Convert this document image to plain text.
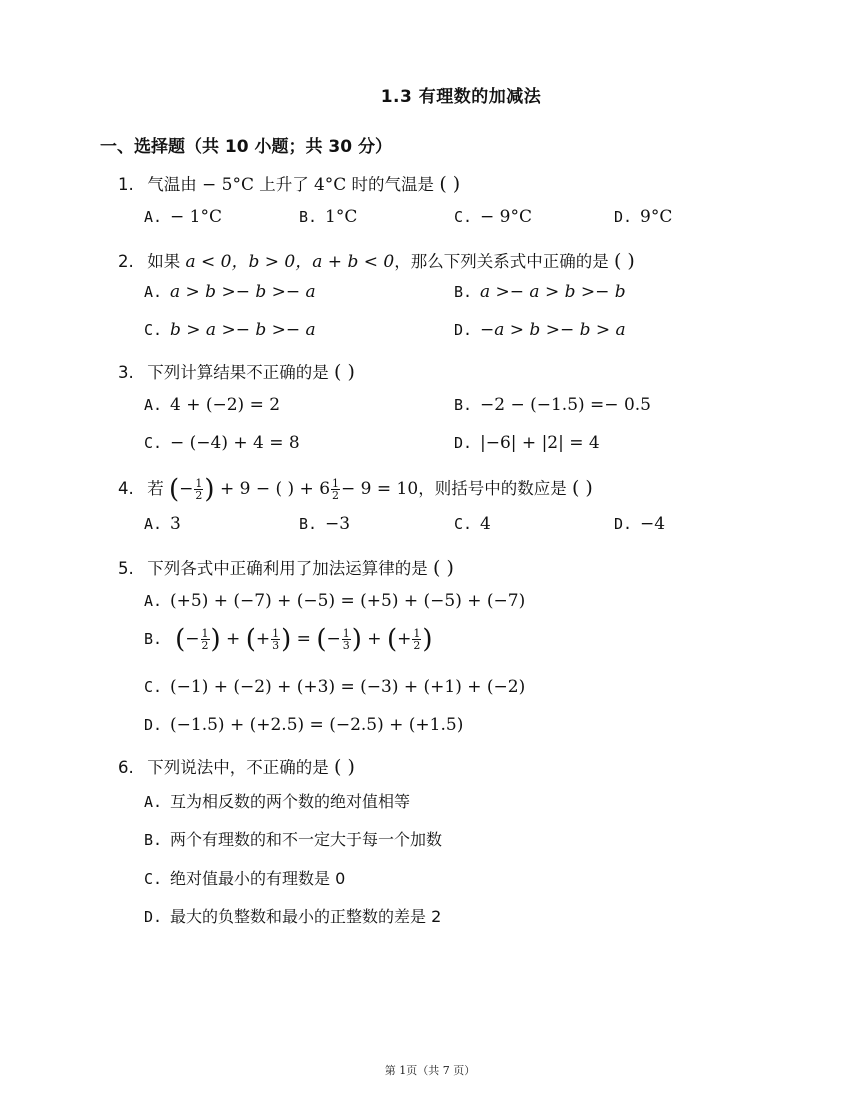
1.3 有理数的加减法
一、选择题（共 10 小题；共 30 分）
1. 气温由 − 5°C 上升了 4°C 时的气温是 ( )
A. − 1°C	B. 1°C	C. − 9°C	D. 9°C
2. 如果 a < 0，b > 0，a + b < 0，那么下列关系式中正确的是 ( )
A. a > b >− b >− a	B. a >− a > b >− b
C. b > a >− b >− a	D. −a > b >− b > a
3. 下列计算结果不正确的是 ( )
A. 4 + (−2) = 2	B. −2 − (−1.5) =− 0.5
C. − (−4) + 4 = 8	D. |−6| + |2| = 4
4. 若 (− $\frac{1}{2}$ ) + 9 − ( ) + $6 \frac{1}{2} - 9 = 10$，则括号中的数应是 ( )
A. 3	B. −3	C. 4	D. −4
5. 下列各式中正确利用了加法运算律的是 ( )
A. (+5) + (−7) + (−5) = (+5) + (−5) + (−7)
B. (− $\frac{1}{2}$ ) + (+ $\frac{1}{3}$ ) = (− $\frac{1}{3}$ ) + (+ $\frac{1}{2}$ )
C. (−1) + (−2) + (+3) = (−3) + (+1) + (−2)
D. (−1.5) + (+2.5) = (−2.5) + (+1.5)
6. 下列说法中，不正确的是 ( )
A. 互为相反数的两个数的绝对值相等
B. 两个有理数的和不一定大于每一个加数
C. 绝对值最小的有理数是 0
D. 最大的负整数和最小的正整数的差是 2
第 1页（共 7 页）
